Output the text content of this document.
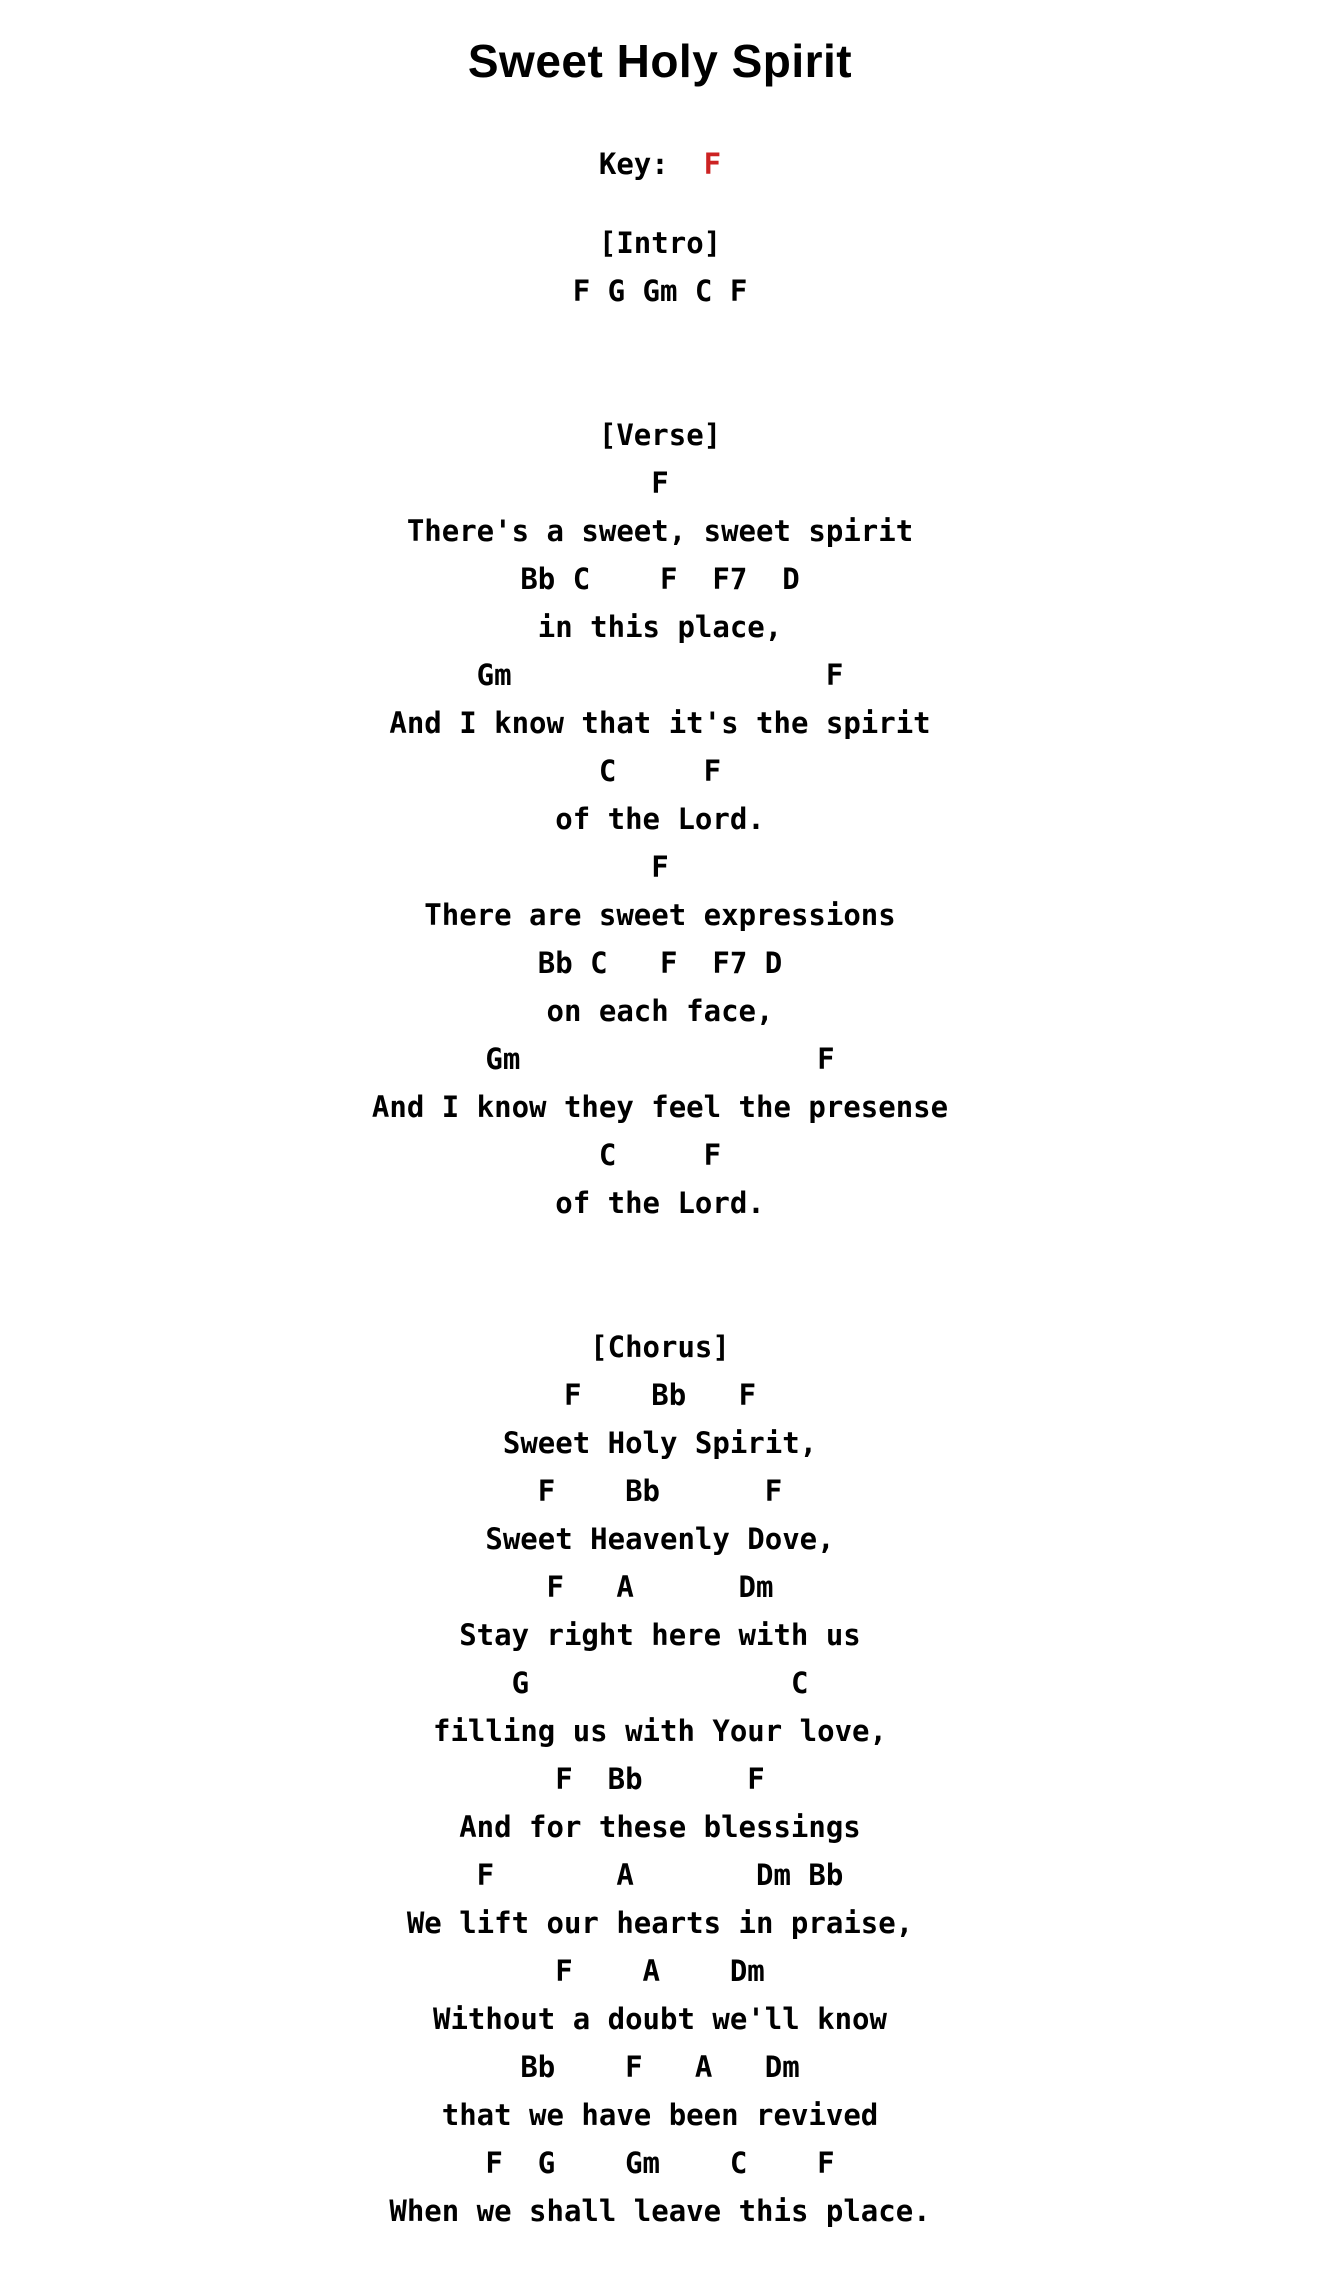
Sweet Holy Spirit
Key: F
[Intro]
F G Gm C F
[Verse]
F
There's a sweet, sweet spirit
Bb C    F  F7  D
in this place,
Gm                  F
And I know that it's the spirit
C     F
of the Lord.
F
There are sweet expressions
Bb C   F  F7 D
on each face,
Gm                 F
And I know they feel the presense
C     F
of the Lord.
[Chorus]
F    Bb   F
Sweet Holy Spirit,
F    Bb      F
Sweet Heavenly Dove,
F   A      Dm
Stay right here with us
G               C
filling us with Your love,
F  Bb      F
And for these blessings
F       A       Dm Bb
We lift our hearts in praise,
F    A    Dm
Without a doubt we'll know
Bb    F   A   Dm
that we have been revived
F  G    Gm    C    F
When we shall leave this place.
